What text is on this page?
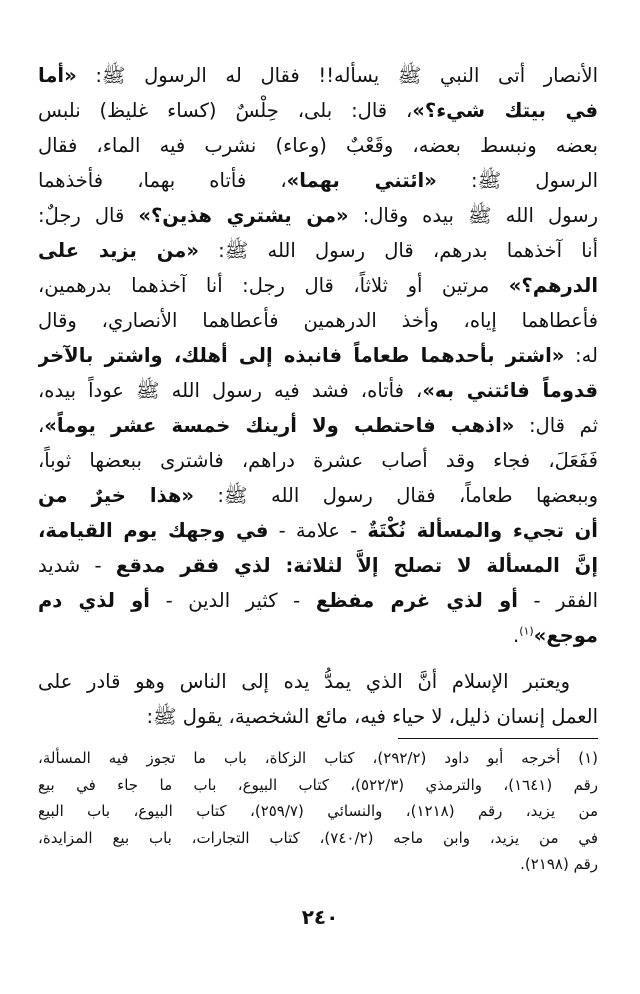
الأنصار أتى النبي ﷺ يسأله!! فقال له الرسول ﷺ: «أما
في بيتك شيء؟»، قال: بلى، حِلْسٌ (كساء غليظ) نلبس
بعضه ونبسط بعضه، وقَعْبٌ (وعاء) نشرب فيه الماء، فقال
الرسول ﷺ: «ائتني بهما»، فأتاه بهما، فأخذهما
رسول الله ﷺ بيده وقال: «من يشتري هذين؟» قال رجلٌ:
أنا آخذهما بدرهم، قال رسول الله ﷺ: «من يزيد على
الدرهم؟» مرتين أو ثلاثاً، قال رجل: أنا آخذهما بدرهمين،
فأعطاهما إياه، وأخذ الدرهمين فأعطاهما الأنصاري، وقال
له: «اشتر بأحدهما طعاماً فانبذه إلى أهلك، واشتر بالآخر
قدوماً فائتني به»، فأتاه، فشد فيه رسول الله ﷺ عوداً بيده،
ثم قال: «اذهب فاحتطب ولا أرينك خمسة عشر يوماً»،
فَفَعَلَ، فجاء وقد أصاب عشرة دراهم، فاشترى ببعضها ثوباً،
وببعضها طعاماً، فقال رسول الله ﷺ: «هذا خيرٌ من
أن تجيء والمسألة نُكْتَةٌ - علامة - في وجهك يوم القيامة،
إنَّ المسألة لا تصلح إلاَّ لثلاثة: لذي فقر مدقع - شديد
الفقر - أو لذي غرم مفظع - كثير الدين - أو لذي دم
موجع»$^{(١)}$.
ويعتبر الإسلام أنَّ الذي يمدُّ يده إلى الناس وهو قادر على
العمل إنسان ذليل، لا حياء فيه، مائع الشخصية، يقول ﷺ:
(١) أخرجه أبو داود (٢٩٢/٢)، كتاب الزكاة، باب ما تجوز فيه المسألة،
رقم (١٦٤١)، والترمذي (٥٢٢/٣)، كتاب البيوع، باب ما جاء في بيع
من يزيد، رقم (١٢١٨)، والنسائي (٢٥٩/٧)، كتاب البيوع، باب البيع
في من يزيد، وابن ماجه (٧٤٠/٢)، كتاب التجارات، باب بيع المزايدة،
رقم (٢١٩٨).
٢٤٠
